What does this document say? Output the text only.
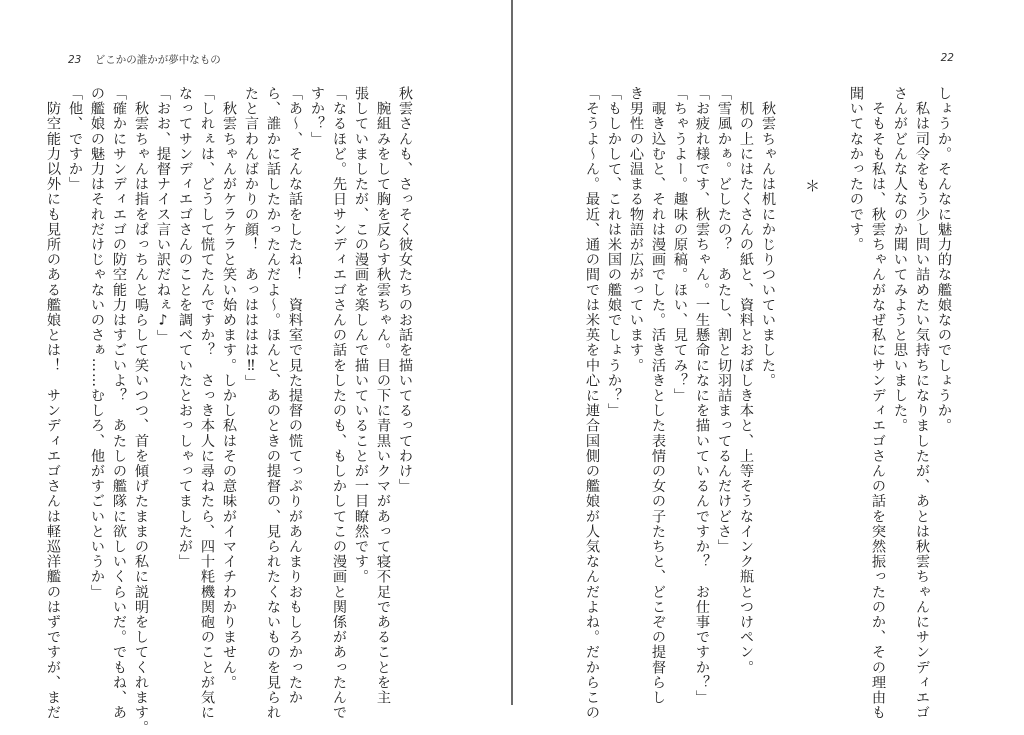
23 どこかの誰かが夢中なもの
秋雲さんも、さっそく彼女たちのお話を描いてるってわけ」
　腕組みをして胸を反らす秋雲ちゃん。目の下に青黒いクマがあって寝不足であることを主
張していましたが、この漫画を楽しんで描いていることが一目瞭然です。
「なるほど。先日サンディエゴさんの話をしたのも、もしかしてこの漫画と関係があったんで
すか？」
「あ〜、そんな話をしたね！　資料室で見た提督の慌てっぷりがあんまりおもしろかったか
ら、誰かに話したかったんだよ〜。ほんと、あのときの提督の、見られたくないものを見られ
たと言わんばかりの顔！　あっはははは‼」
　秋雲ちゃんがケラケラと笑い始めます。しかし私はその意味がイマイチわかりません。
「しれぇは、どうして慌てたんですか？　さっき本人に尋ねたら、四十粍機関砲のことが気に
なってサンディエゴさんのことを調べていたとおっしゃってましたが」
「おお、提督ナイス言い訳だねぇ♪」
　秋雲ちゃんは指をぱっちんと鳴らして笑いつつ、首を傾げたままの私に説明をしてくれます。
「確かにサンディエゴの防空能力はすごいよ？　あたしの艦隊に欲しいくらいだ。でもね、あ
の艦娘の魅力はそれだけじゃないのさぁ……むしろ、他がすごいというか」
「他、ですか」
　防空能力以外にも見所のある艦娘とは！　サンディエゴさんは軽巡洋艦のはずですが、まだ
22
しょうか。そんなに魅力的な艦娘なのでしょうか。
　私は司令をもう少し問い詰めたい気持ちになりましたが、あとは秋雲ちゃんにサンディエゴ
さんがどんな人なのか聞いてみようと思いました。
　そもそも私は、秋雲ちゃんがなぜ私にサンディエゴさんの話を突然振ったのか、その理由も
聞いてなかったのです。

＊

　秋雲ちゃんは机にかじりついていました。
　机の上にはたくさんの紙と、資料とおぼしき本と、上等そうなインク瓶とつけペン。
「雪風かぁ。どしたの？　あたし、割と切羽詰まってるんだけどさ」
「お疲れ様です、秋雲ちゃん。一生懸命になにを描いているんですか？　お仕事ですか？」
「ちゃうよー。趣味の原稿。ほい、見てみ？」
　覗き込むと、それは漫画でした。活き活きとした表情の女の子たちと、どこぞの提督らし
き男性の心温まる物語が広がっています。
「もしかして、これは米国の艦娘でしょうか？」
「そうよ〜ん。最近、通の間では米英を中心に連合国側の艦娘が人気なんだよね。だからこの
